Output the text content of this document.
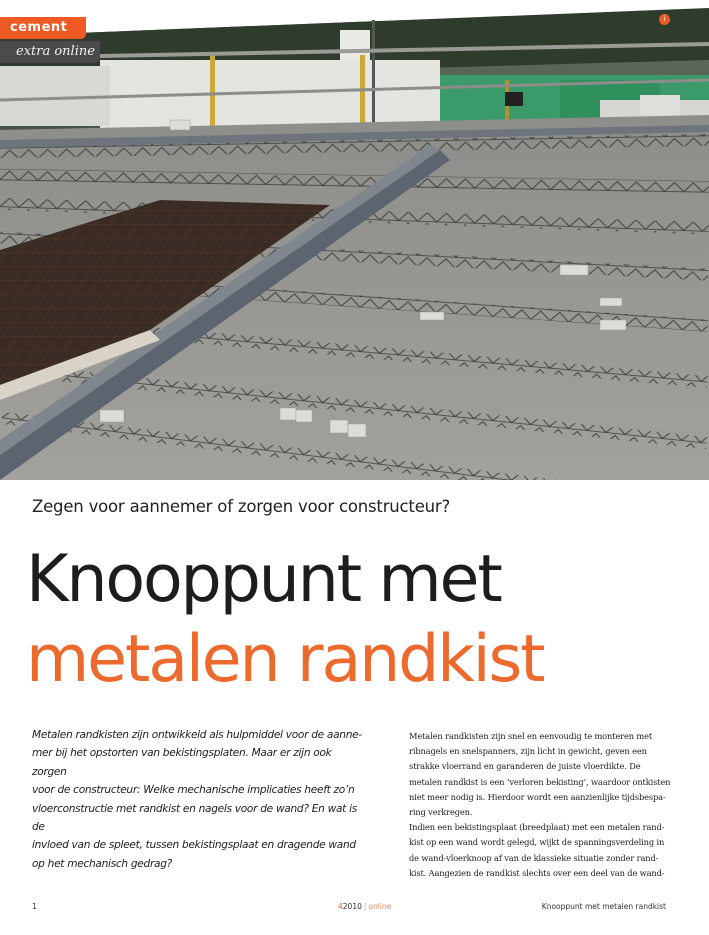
cement
extra online
i
Zegen voor aannemer of zorgen voor constructeur?
Knooppunt met
metalen randkist

Metalen randkisten zijn ontwikkeld als hulpmiddel voor de aanne-

mer bij het opstorten van bekistingsplaten. Maar er zijn ook zorgen

voor de constructeur: Welke mechanische implicaties heeft zo’n

vloerconstructie met randkist en nagels voor de wand? En wat is de

invloed van de spleet, tussen bekistingsplaat en dragende wand

op het mechanisch gedrag?

Metalen randkisten zijn snel en eenvoudig te monteren met

ribnagels en snelspanners, zijn licht in gewicht, geven een

strakke vloerrand en garanderen de juiste vloerdikte. De

metalen randkist is een ‘verloren bekisting’, waardoor ontkisten

niet meer nodig is. Hierdoor wordt een aanzienlijke tijdsbespa-

ring verkregen.

Indien een bekistingsplaat (breedplaat) met een metalen rand-

kist op een wand wordt gelegd, wijkt de spanningsverdeling in

de wand-vloerknoop af van de klassieke situatie zonder rand-

kist. Aangezien de randkist slechts over een deel van de wand-

1	42010 | online	Knooppunt met metalen randkist
